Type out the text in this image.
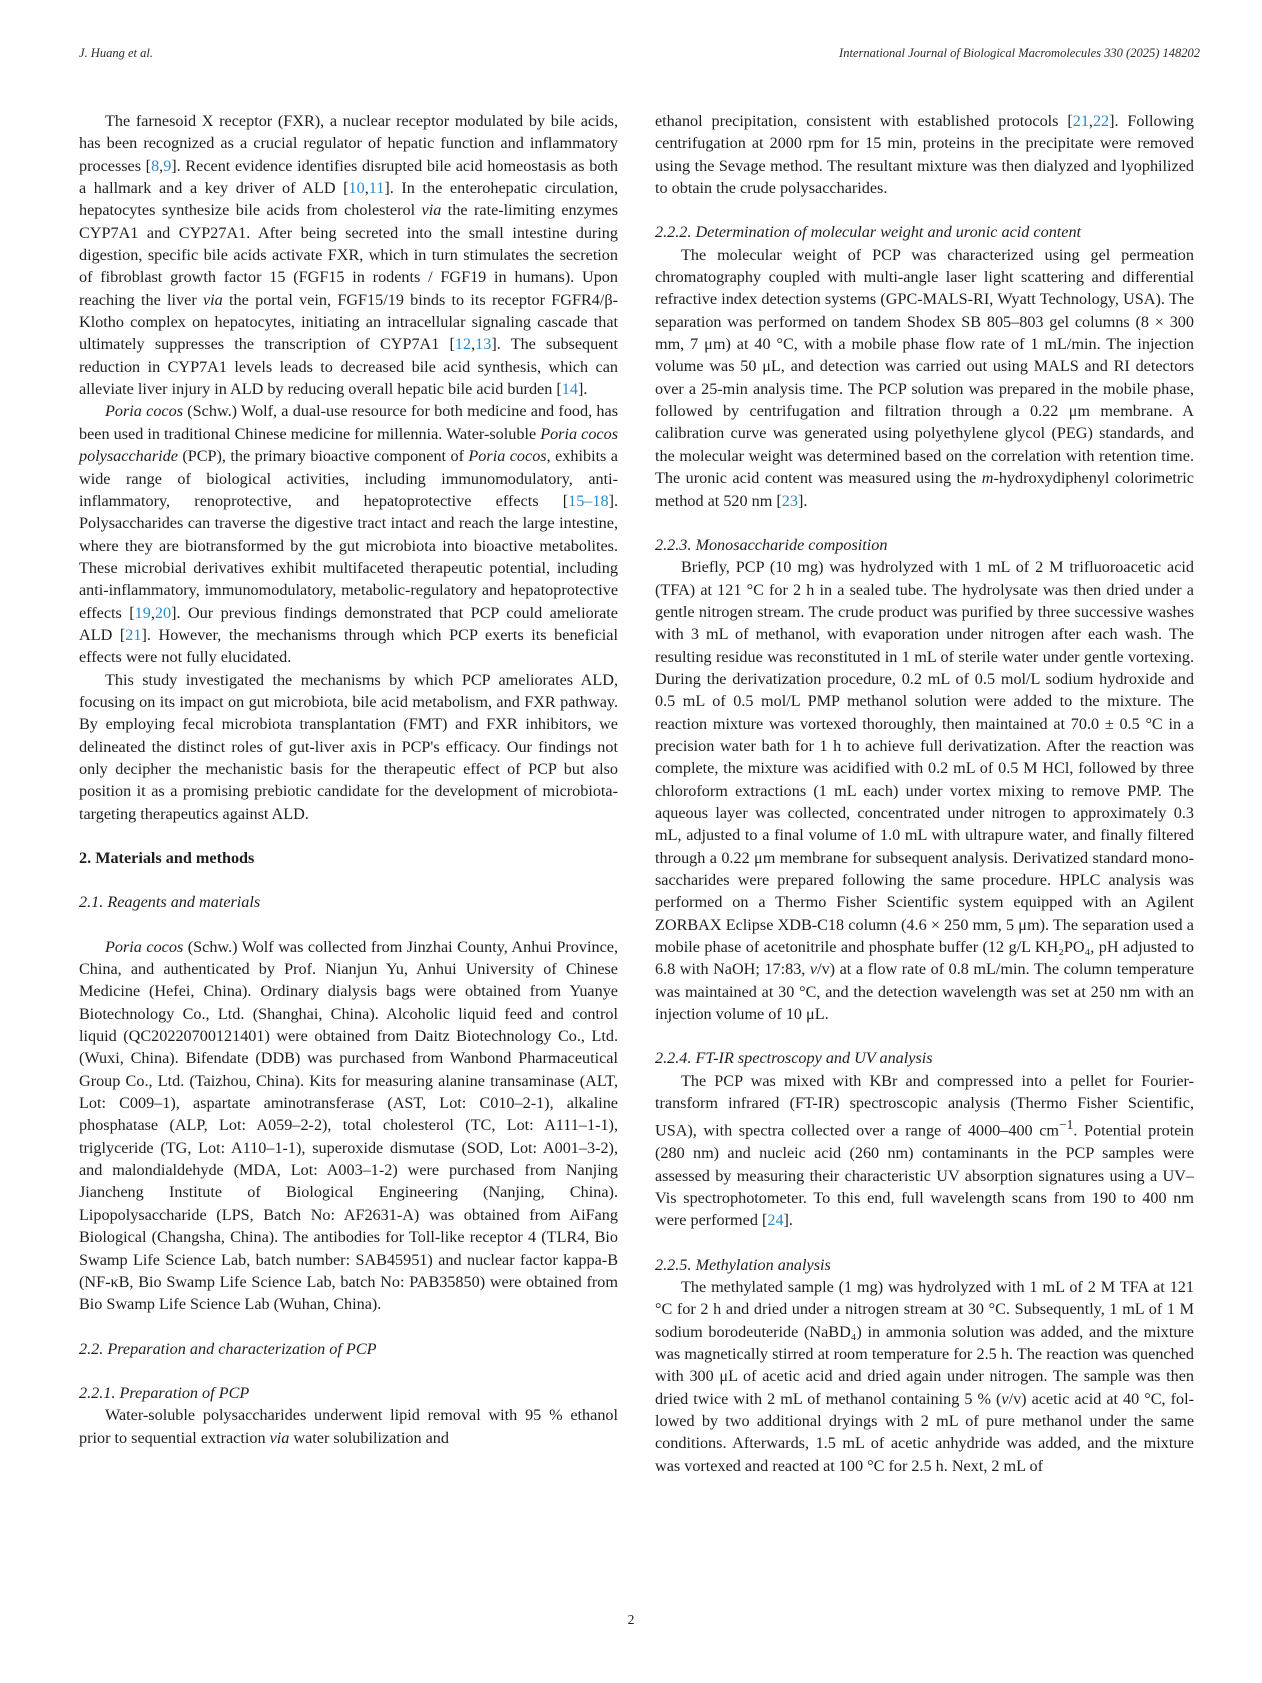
J. Huang et al.	International Journal of Biological Macromolecules 330 (2025) 148202

The farnesoid X receptor (FXR), a nuclear receptor modulated by bile acids, has been recognized as a crucial regulator of hepatic function and inflammatory processes [8,9]. Recent evidence identifies disrupted bile acid homeostasis as both a hallmark and a key driver of ALD [10,11]. In the enterohepatic circulation, hepatocytes synthesize bile acids from cholesterol via the rate-limiting enzymes CYP7A1 and CYP27A1. After being secreted into the small intestine during digestion, specific bile acids activate FXR, which in turn stimulates the secretion of fibroblast growth factor 15 (FGF15 in rodents / FGF19 in humans). Upon reaching the liver via the portal vein, FGF15/19 binds to its receptor FGFR4/β-Klotho complex on hepatocytes, initiating an intracellular signaling cascade that ultimately suppresses the transcription of CYP7A1 [12,13]. The subsequent reduction in CYP7A1 levels leads to decreased bile acid synthesis, which can alleviate liver injury in ALD by reducing overall hepatic bile acid burden [14].

Poria cocos (Schw.) Wolf, a dual-use resource for both medicine and food, has been used in traditional Chinese medicine for millennia. Water-soluble Poria cocos polysaccharide (PCP), the primary bioactive component of Poria cocos, exhibits a wide range of biological activities, including immunomodulatory, anti-inflammatory, renoprotective, and hepatoprotective effects [15–18]. Polysaccharides can traverse the digestive tract intact and reach the large intestine, where they are biotransformed by the gut microbiota into bioactive metabolites. These microbial derivatives exhibit multifaceted therapeutic potential, including anti-inflammatory, immunomodulatory, metabolic-regulatory and hepatoprotective effects [19,20]. Our previous findings demonstrated that PCP could ameliorate ALD [21]. However, the mechanisms through which PCP exerts its beneficial effects were not fully elucidated.

This study investigated the mechanisms by which PCP ameliorates ALD, focusing on its impact on gut microbiota, bile acid metabolism, and FXR pathway. By employing fecal microbiota transplantation (FMT) and FXR inhibitors, we delineated the distinct roles of gut-liver axis in PCP's efficacy. Our findings not only decipher the mechanistic basis for the therapeutic effect of PCP but also position it as a promising prebiotic candidate for the development of microbiota-targeting therapeutics against ALD.

2. Materials and methods
2.1. Reagents and materials

Poria cocos (Schw.) Wolf was collected from Jinzhai County, Anhui Province, China, and authenticated by Prof. Nianjun Yu, Anhui University of Chinese Medicine (Hefei, China). Ordinary dialysis bags were obtained from Yuanye Biotechnology Co., Ltd. (Shanghai, China). Alcoholic liquid feed and control liquid (QC20220700121401) were obtained from Daitz Biotechnology Co., Ltd. (Wuxi, China). Bifendate (DDB) was purchased from Wanbond Pharmaceutical Group Co., Ltd. (Taizhou, China). Kits for measuring alanine transaminase (ALT, Lot: C009–1), aspartate aminotransferase (AST, Lot: C010–2-1), alkaline phosphatase (ALP, Lot: A059–2-2), total cholesterol (TC, Lot: A111–1-1), triglyceride (TG, Lot: A110–1-1), superoxide dismutase (SOD, Lot: A001–3-2), and malondialdehyde (MDA, Lot: A003–1-2) were purchased from Nanjing Jiancheng Institute of Biological Engineering (Nanjing, China). Lipopolysaccharide (LPS, Batch No: AF2631-A) was obtained from AiFang Biological (Changsha, China). The antibodies for Toll-like receptor 4 (TLR4, Bio Swamp Life Science Lab, batch number: SAB45951) and nuclear factor kappa-B (NF-κB, Bio Swamp Life Science Lab, batch No: PAB35850) were obtained from Bio Swamp Life Science Lab (Wuhan, China).

2.2. Preparation and characterization of PCP
2.2.1. Preparation of PCP

Water-soluble polysaccharides underwent lipid removal with 95 % ethanol prior to sequential extraction via water solubilization and

ethanol precipitation, consistent with established protocols [21,22]. Following centrifugation at 2000 rpm for 15 min, proteins in the precipitate were removed using the Sevage method. The resultant mixture was then dialyzed and lyophilized to obtain the crude polysaccharides.

2.2.2. Determination of molecular weight and uronic acid content

The molecular weight of PCP was characterized using gel permeation chromatography coupled with multi-angle laser light scattering and differential refractive index detection systems (GPC-MALS-RI, Wyatt Technology, USA). The separation was performed on tandem Shodex SB 805–803 gel columns (8 × 300 mm, 7 μm) at 40 °C, with a mobile phase flow rate of 1 mL/min. The injection volume was 50 μL, and detection was carried out using MALS and RI detectors over a 25-min analysis time. The PCP solution was prepared in the mobile phase, followed by centrifugation and filtration through a 0.22 μm membrane. A calibration curve was generated using polyethylene glycol (PEG) standards, and the molecular weight was determined based on the correlation with retention time. The uronic acid content was measured using the m-hydroxydiphenyl colorimetric method at 520 nm [23].

2.2.3. Monosaccharide composition

Briefly, PCP (10 mg) was hydrolyzed with 1 mL of 2 M trifluoroacetic acid (TFA) at 121 °C for 2 h in a sealed tube. The hydrolysate was then dried under a gentle nitrogen stream. The crude product was purified by three successive washes with 3 mL of methanol, with evaporation under nitrogen after each wash. The resulting residue was reconstituted in 1 mL of sterile water under gentle vortexing. During the derivatization procedure, 0.2 mL of 0.5 mol/L sodium hydroxide and 0.5 mL of 0.5 mol/L PMP methanol solution were added to the mixture. The reaction mixture was vortexed thoroughly, then maintained at 70.0 ± 0.5 °C in a precision water bath for 1 h to achieve full derivatization. After the reaction was complete, the mixture was acidified with 0.2 mL of 0.5 M HCl, followed by three chloroform extractions (1 mL each) under vortex mixing to remove PMP. The aqueous layer was collected, concentrated under nitrogen to approximately 0.3 mL, adjusted to a final volume of 1.0 mL with ultrapure water, and finally filtered through a 0.22 μm membrane for subsequent analysis. Derivatized standard monosaccharides were prepared following the same procedure. HPLC analysis was performed on a Thermo Fisher Scientific system equipped with an Agilent ZORBAX Eclipse XDB-C18 column (4.6 × 250 mm, 5 μm). The separation used a mobile phase of acetonitrile and phosphate buffer (12 g/L KH₂PO₄, pH adjusted to 6.8 with NaOH; 17:83, v/v) at a flow rate of 0.8 mL/min. The column temperature was maintained at 30 °C, and the detection wavelength was set at 250 nm with an injection volume of 10 μL.

2.2.4. FT-IR spectroscopy and UV analysis

The PCP was mixed with KBr and compressed into a pellet for Fourier-transform infrared (FT-IR) spectroscopic analysis (Thermo Fisher Scientific, USA), with spectra collected over a range of 4000–400 $cm^{-1}$. Potential protein (280 nm) and nucleic acid (260 nm) contaminants in the PCP samples were assessed by measuring their characteristic UV absorption signatures using a UV–Vis spectrophotometer. To this end, full wavelength scans from 190 to 400 nm were performed [24].

2.2.5. Methylation analysis

The methylated sample (1 mg) was hydrolyzed with 1 mL of 2 M TFA at 121 °C for 2 h and dried under a nitrogen stream at 30 °C. Subsequently, 1 mL of 1 M sodium borodeuteride (NaBD₄) in ammonia solution was added, and the mixture was magnetically stirred at room temperature for 2.5 h. The reaction was quenched with 300 μL of acetic acid and dried again under nitrogen. The sample was then dried twice with 2 mL of methanol containing 5 % (v/v) acetic acid at 40 °C, followed by two additional dryings with 2 mL of pure methanol under the same conditions. Afterwards, 1.5 mL of acetic anhydride was added, and the mixture was vortexed and reacted at 100 °C for 2.5 h. Next, 2 mL of

2
